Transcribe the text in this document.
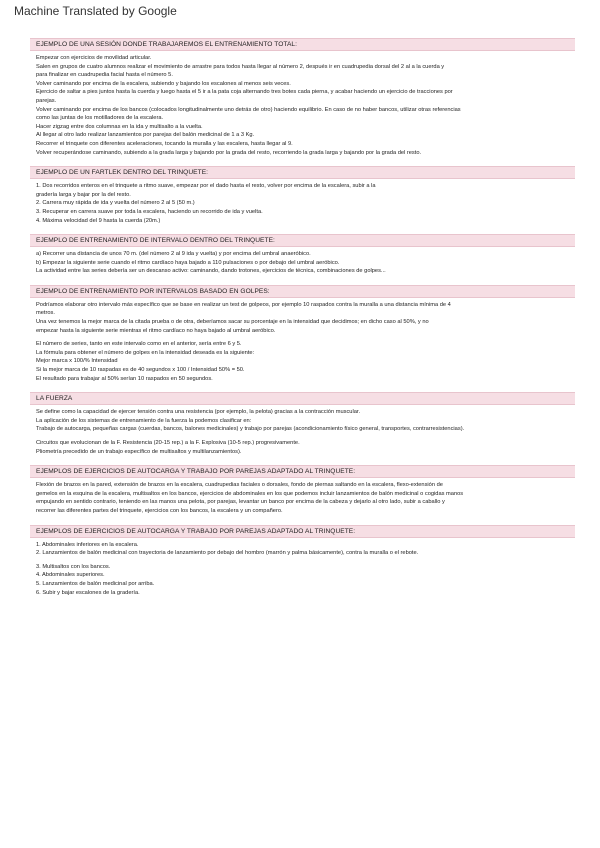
Machine Translated by Google
EJEMPLO DE UNA SESIÓN DONDE TRABAJAREMOS EL ENTRENAMIENTO TOTAL:
Empezar con ejercicios de movilidad articular.
Salen en grupos de cuatro alumnos realizar el movimiento de arrastre para todos hasta llegar al número 2, después ir en cuadrupedia dorsal del 2 al a la cuerda y
para finalizar en cuadrupedia facial hasta el número 5.
Volver caminando por encima de la escalera, subiendo y bajando los escalones al menos seis veces.
Ejercicio de saltar a pies juntos hasta la cuerda y luego hasta el 5 ir a la pata coja alternando tres botes cada pierna, y acabar haciendo un ejercicio de tracciones por
parejas.
Volver caminando por encima de los bancos (colocados longitudinalmente uno detrás de otro) haciendo equilibrio. En caso de no haber bancos, utilizar otras referencias
como las juntas de los motilladores de la escalera.
Hacer zigzag entre dos columnas en la ida y multisalto a la vuelta.
Al llegar al otro lado realizar lanzamientos por parejas del balón medicinal de 1 a 3 Kg.
Recorrer el trinquete con diferentes aceleraciones, tocando la muralla y las escalera, hasta llegar al 9.
Volver recuperándose caminando, subiendo a la grada larga y bajando por la grada del resto, recorriendo la grada larga y bajando por la grada del resto.
EJEMPLO DE UN FARTLEK DENTRO DEL TRINQUETE:
1. Dos recorridos enteros en el trinquete a ritmo suave, empezar por el dado hasta el resto, volver por encima de la escalera, subir a la
gradería larga y bajar por la del resto.
2. Carrera muy rápida de ida y vuelta del número 2 al 5 (50 m.)
3. Recuperar en carrera suave por toda la escalera, haciendo un recorrido de ida y vuelta.
4. Máxima velocidad del 9 hasta la cuerda (20m.)
EJEMPLO DE ENTRENAMIENTO DE INTERVALO DENTRO DEL TRINQUETE:
a) Recorrer una distancia de unos 70 m. (del número 2 al 9 ida y vuelta) y por encima del umbral anaeróbico.
b) Empezar la siguiente serie cuando el ritmo cardíaco haya bajado a 110 pulsaciones o por debajo del umbral aeróbico.
La actividad entre las series debería ser un descanso activo: caminando, dando trotones, ejercicios de técnica, combinaciones de golpes...
EJEMPLO DE ENTRENAMIENTO POR INTERVALOS BASADO EN GOLPES:
Podríamos elaborar otro intervalo más específico que se base en realizar un test de golpeos, por ejemplo 10 raspados contra la muralla a una distancia mínima de 4
metros.
Una vez tenemos la mejor marca de la citada prueba o de otra, deberíamos sacar su porcentaje en la intensidad que decidimos; en dicho caso al 50%, y no
empezar hasta la siguiente serie mientras el ritmo cardíaco no haya bajado al umbral aeróbico.
El número de series, tanto en este intervalo como en el anterior, sería entre 6 y 5.
La fórmula para obtener el número de golpes en la intensidad deseada es la siguiente:
Mejor marca x 100/% Intensidad
Si la mejor marca de 10 raspadas es de 40 segundos x 100 / Intensidad 50% = 50.
El resultado para trabajar al 50% serían 10 raspados en 50 segundos.
LA FUERZA
Se define como la capacidad de ejercer tensión contra una resistencia (por ejemplo, la pelota) gracias a la contracción muscular.
La aplicación de los sistemas de entrenamiento de la fuerza la podemos clasificar en:
Trabajo de autocarga, pequeñas cargas (cuerdas, bancos, balones medicinales) y trabajo por parejas (acondicionamiento físico general, transportes, contrarresistencias).
Circuitos que evolucionan de la F. Resistencia (20-15 rep.) a la F. Explosiva (10-5 rep.) progresivamente.
Pliometría precedido de un trabajo específico de multisaltos y multilanzamientos).
EJEMPLOS DE EJERCICIOS DE AUTOCARGA Y TRABAJO POR PAREJAS ADAPTADO AL TRINQUETE:
Flexión de brazos en la pared, extensión de brazos en la escalera, cuadrupedias faciales o dorsales, fondo de piernas saltando en la escalera, flexo-extensión de
gemelos en la esquina de la escalera, multisaltos en los bancos, ejercicios de abdominales en los que podemos incluir lanzamientos de balón medicinal o cogidas manos
empujando en sentido contrario, teniendo en las manos una pelota, por parejas, levantar un banco por encima de la cabeza y dejarlo al otro lado, subir a caballo y
recorrer las diferentes partes del trinquete, ejercicios con los bancos, la escalera y un compañero.
EJEMPLOS DE EJERCICIOS DE AUTOCARGA Y TRABAJO POR PAREJAS ADAPTADO AL TRINQUETE:
1. Abdominales inferiores en la escalera.
2. Lanzamientos de balón medicinal con trayectoria de lanzamiento por debajo del hombro (marrón y palma básicamente), contra la muralla o el rebote.
3. Multisaltos con los bancos.
4. Abdominales superiores.
5. Lanzamientos de balón medicinal por arriba.
6. Subir y bajar escalones de la gradería.
